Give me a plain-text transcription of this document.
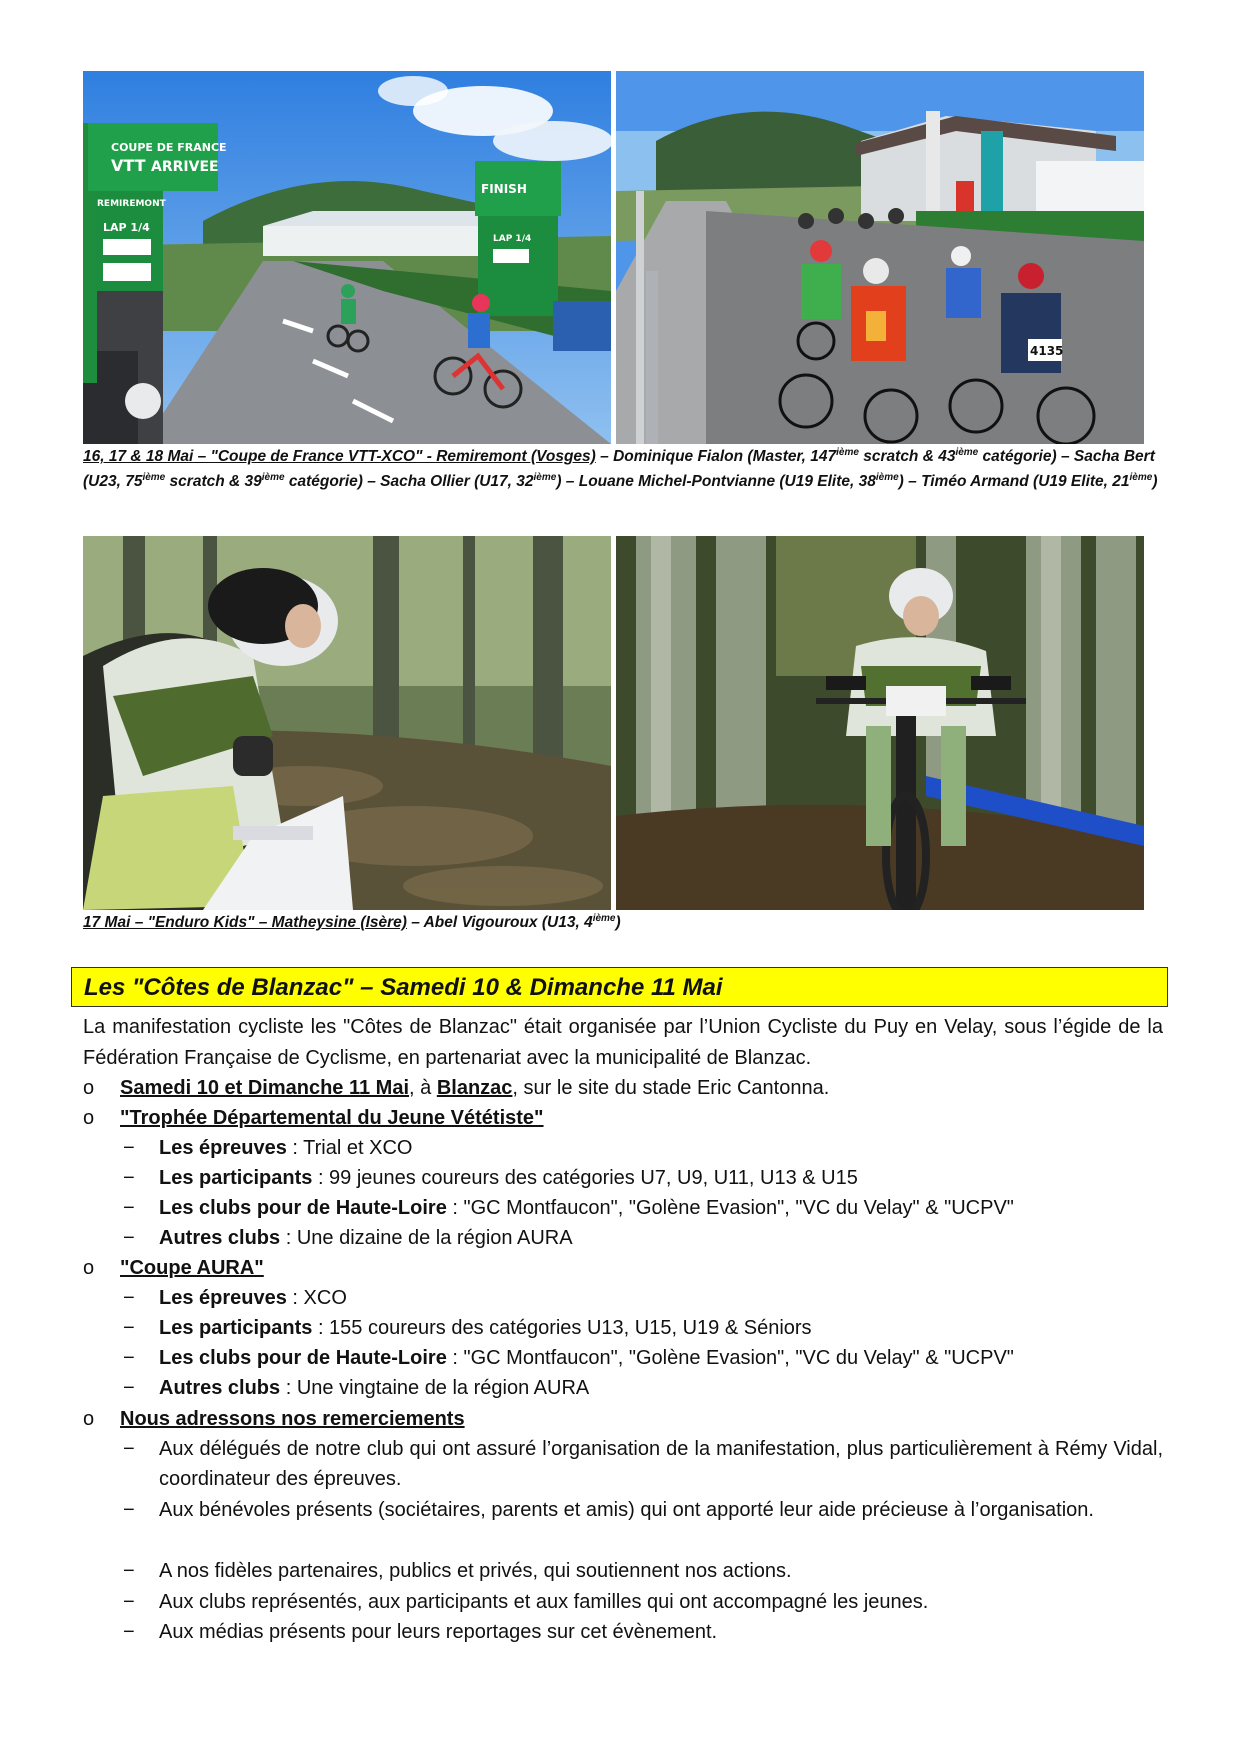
COUPE DE FRANCE
VTT ARRIVEE
REMIREMONT
LAP 1/4
FINISH
LAP 1/4
4135
16, 17 & 18 Mai – "Coupe de France VTT-XCO" - Remiremont (Vosges) – Dominique Fialon (Master, 147ième scratch & 43ième catégorie) – Sacha Bert (U23, 75ième scratch & 39ième catégorie) – Sacha Ollier (U17, 32ième) – Louane Michel-Pontvianne (U19 Elite, 38ième) – Timéo Armand (U19 Elite, 21ième)
17 Mai – "Enduro Kids" – Matheysine (Isère) – Abel Vigouroux (U13, 4ième)
Les "Côtes de Blanzac" – Samedi 10 & Dimanche 11 Mai
La manifestation cycliste les "Côtes de Blanzac" était organisée par l’Union Cycliste du Puy en Velay, sous l’égide de la Fédération Française de Cyclisme, en partenariat avec la municipalité de Blanzac.
o Samedi 10 et Dimanche 11 Mai, à Blanzac, sur le site du stade Eric Cantonna.
o "Trophée Départemental du Jeune Vététiste"
− Les épreuves : Trial et XCO
− Les participants : 99 jeunes coureurs des catégories U7, U9, U11, U13 & U15
− Les clubs pour de Haute-Loire : "GC Montfaucon", "Golène Evasion", "VC du Velay" & "UCPV"
− Autres clubs : Une dizaine de la région AURA
o "Coupe AURA"
− Les épreuves : XCO
− Les participants : 155 coureurs des catégories U13, U15, U19 & Séniors
− Les clubs pour de Haute-Loire : "GC Montfaucon", "Golène Evasion", "VC du Velay" & "UCPV"
− Autres clubs : Une vingtaine de la région AURA
o Nous adressons nos remerciements
− Aux délégués de notre club qui ont assuré l’organisation de la manifestation, plus particulièrement à Rémy Vidal, coordinateur des épreuves.
− Aux bénévoles présents (sociétaires, parents et amis) qui ont apporté leur aide précieuse à l’organisation.
− A nos fidèles partenaires, publics et privés, qui soutiennent nos actions.
− Aux clubs représentés, aux participants et aux familles qui ont accompagné les jeunes.
− Aux médias présents pour leurs reportages sur cet évènement.
